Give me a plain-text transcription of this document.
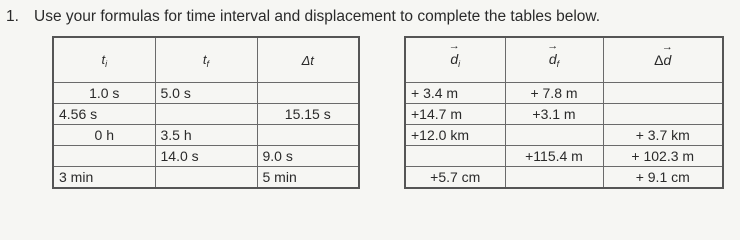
1. Use your formulas for time interval and displacement to complete the tables below.
$t_i$	$t_f$	Δt
1.0 s	5.0 s	
4.56 s		15.15 s
0 h	3.5 h	
	14.0 s	9.0 s
3 min		5 min
→ $d_i$	→ $d_f$	Δ→ d
+ 3.4 m	+ 7.8 m	
+14.7 m	+3.1 m	
+12.0 km		+ 3.7 km
	+115.4 m	+ 102.3 m
+5.7 cm		+ 9.1 cm
